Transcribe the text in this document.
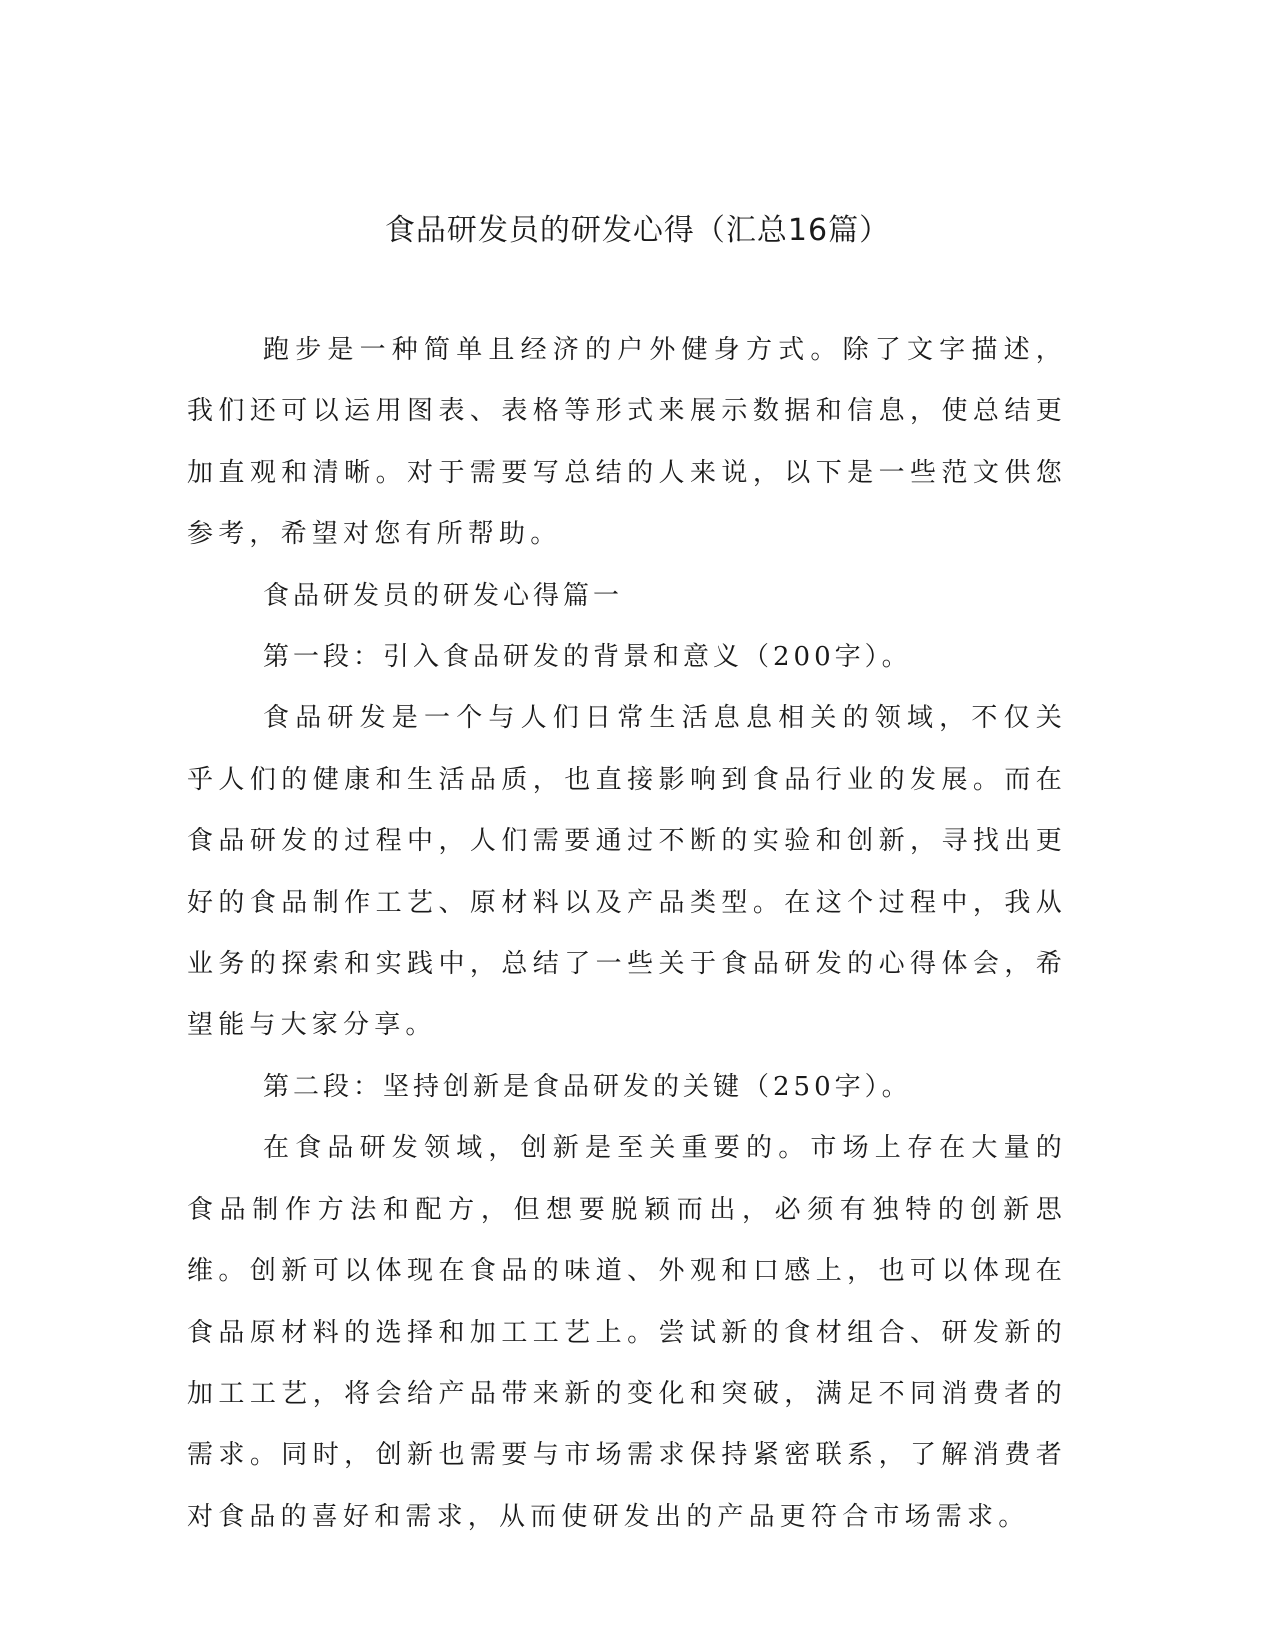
食品研发员的研发心得（汇总16篇）

跑步是一种简单且经济的户外健身方式。除了文字描述，我们还可以运用图表、表格等形式来展示数据和信息，使总结更加直观和清晰。对于需要写总结的人来说，以下是一些范文供您参考，希望对您有所帮助。

食品研发员的研发心得篇一

第一段：引入食品研发的背景和意义（200字）。

食品研发是一个与人们日常生活息息相关的领域，不仅关乎人们的健康和生活品质，也直接影响到食品行业的发展。而在食品研发的过程中，人们需要通过不断的实验和创新，寻找出更好的食品制作工艺、原材料以及产品类型。在这个过程中，我从业务的探索和实践中，总结了一些关于食品研发的心得体会，希望能与大家分享。

第二段：坚持创新是食品研发的关键（250字）。

在食品研发领域，创新是至关重要的。市场上存在大量的食品制作方法和配方，但想要脱颖而出，必须有独特的创新思维。创新可以体现在食品的味道、外观和口感上，也可以体现在食品原材料的选择和加工工艺上。尝试新的食材组合、研发新的加工工艺，将会给产品带来新的变化和突破，满足不同消费者的需求。同时，创新也需要与市场需求保持紧密联系，了解消费者对食品的喜好和需求，从而使研发出的产品更符合市场需求。
